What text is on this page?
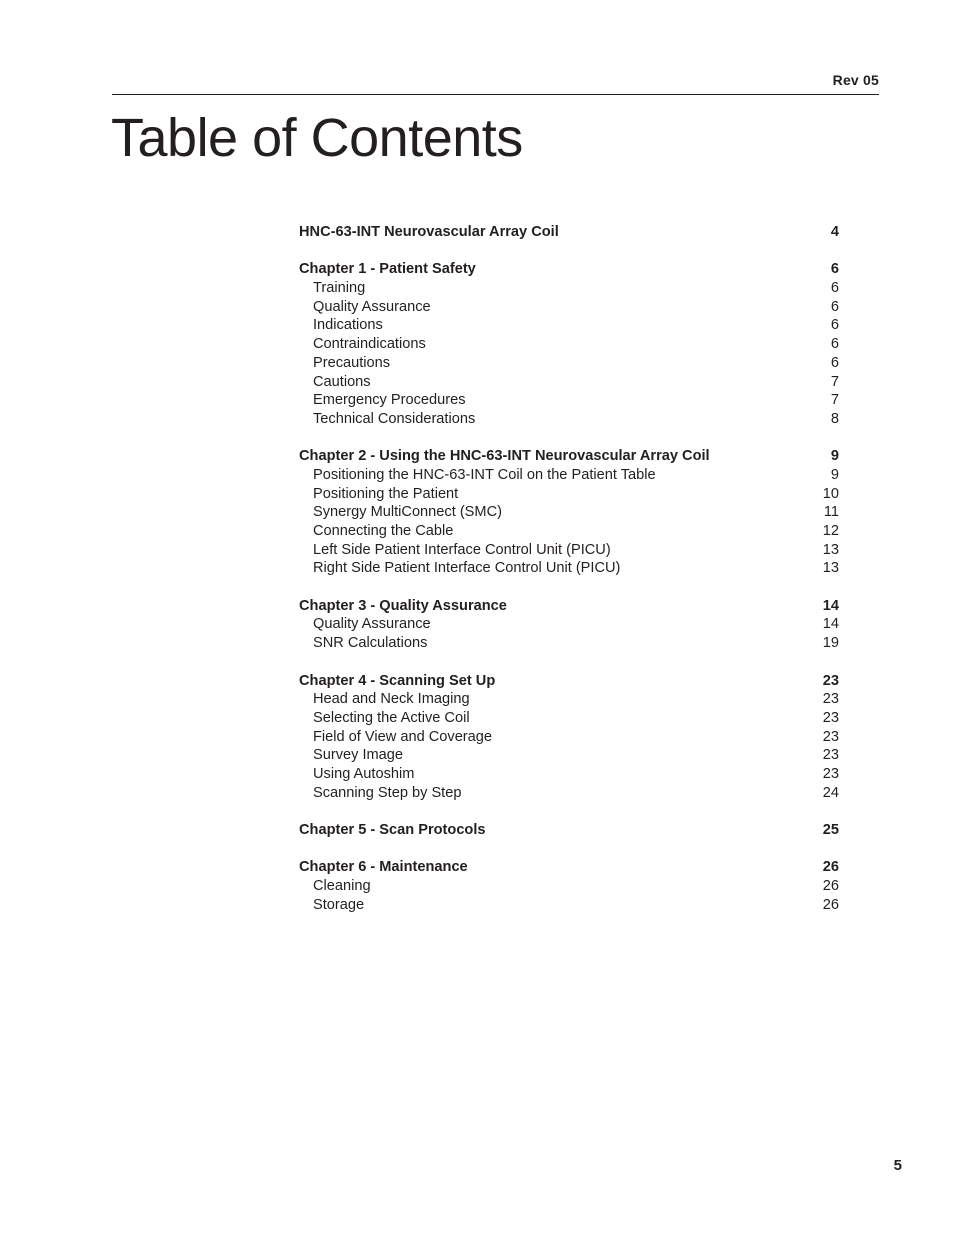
Rev 05
Table of Contents
HNC-63-INT Neurovascular Array Coil	4
Chapter 1 - Patient Safety	6
Training	6
Quality Assurance	6
Indications	6
Contraindications	6
Precautions	6
Cautions	7
Emergency Procedures	7
Technical Considerations	8
Chapter 2 - Using the HNC-63-INT Neurovascular Array Coil	9
Positioning the HNC-63-INT Coil on the Patient Table	9
Positioning the Patient	10
Synergy MultiConnect (SMC)	11
Connecting the Cable	12
Left Side Patient Interface Control Unit (PICU)	13
Right Side Patient Interface Control Unit (PICU)	13
Chapter 3 - Quality Assurance	14
Quality Assurance	14
SNR Calculations	19
Chapter 4 - Scanning Set Up	23
Head and Neck Imaging	23
Selecting the Active Coil	23
Field of View and Coverage	23
Survey Image	23
Using Autoshim	23
Scanning Step by Step	24
Chapter 5 - Scan Protocols	25
Chapter 6 - Maintenance	26
Cleaning	26
Storage	26
5
